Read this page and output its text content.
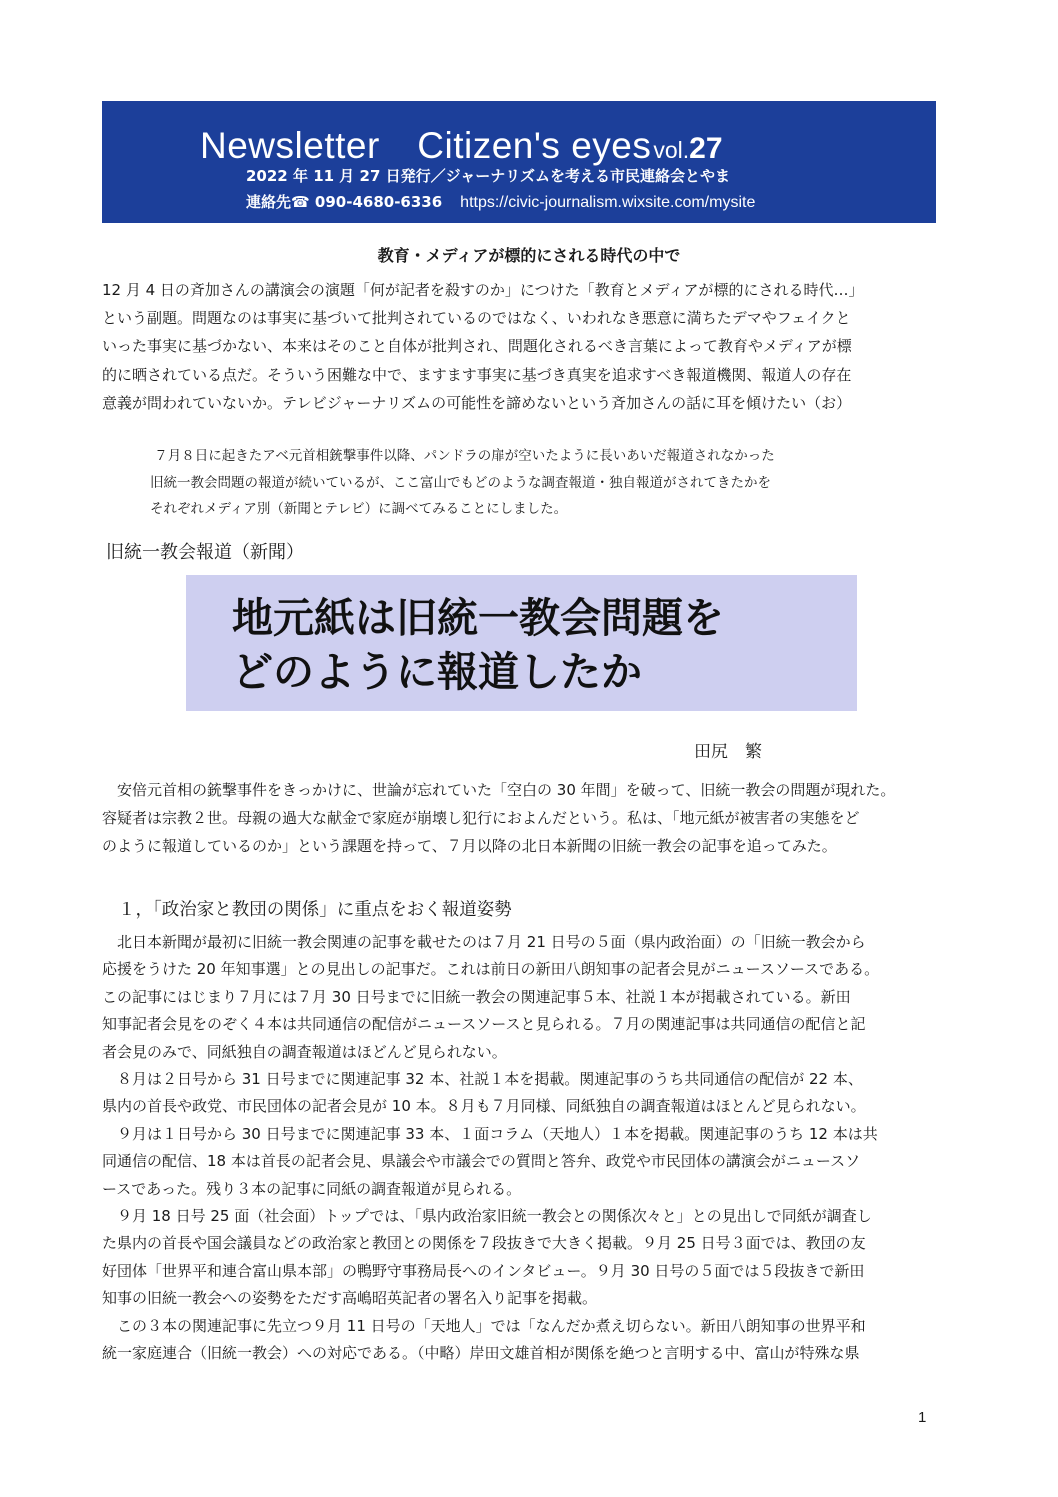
Newsletter　Citizen's eyesvol.27
2022 年 11 月 27 日発行／ジャーナリズムを考える市民連絡会とやま
連絡先☎ 090-4680-6336 https://civic-journalism.wixsite.com/mysite
教育・メディアが標的にされる時代の中で

12 月 4 日の斉加さんの講演会の演題「何が記者を殺すのか」につけた「教育とメディアが標的にされる時代…」
という副題。問題なのは事実に基づいて批判されているのではなく、いわれなき悪意に満ちたデマやフェイクと
いった事実に基づかない、本来はそのこと自体が批判され、問題化されるべき言葉によって教育やメディアが標
的に晒されている点だ。そういう困難な中で、ますます事実に基づき真実を追求すべき報道機関、報道人の存在
意義が問われていないか。テレビジャーナリズムの可能性を諦めないという斉加さんの話に耳を傾けたい（お）

７月８日に起きたアベ元首相銃撃事件以降、パンドラの扉が空いたように長いあいだ報道されなかった
旧統一教会問題の報道が続いているが、ここ富山でもどのような調査報道・独自報道がされてきたかを
それぞれメディア別（新聞とテレビ）に調べてみることにしました。

旧統一教会報道（新聞）

地元紙は旧統一教会問題を
どのように報道したか

田尻　繁

　安倍元首相の銃撃事件をきっかけに、世論が忘れていた「空白の 30 年間」を破って、旧統一教会の問題が現れた。
容疑者は宗教２世。母親の過大な献金で家庭が崩壊し犯行におよんだという。私は、「地元紙が被害者の実態をど
のように報道しているのか」という課題を持って、７月以降の北日本新聞の旧統一教会の記事を追ってみた。

１，「政治家と教団の関係」に重点をおく報道姿勢

　北日本新聞が最初に旧統一教会関連の記事を載せたのは７月 21 日号の５面（県内政治面）の「旧統一教会から
応援をうけた 20 年知事選」との見出しの記事だ。これは前日の新田八朗知事の記者会見がニュースソースである。
この記事にはじまり７月には７月 30 日号までに旧統一教会の関連記事５本、社説１本が掲載されている。新田
知事記者会見をのぞく４本は共同通信の配信がニュースソースと見られる。７月の関連記事は共同通信の配信と記
者会見のみで、同紙独自の調査報道はほどんど見られない。
　８月は２日号から 31 日号までに関連記事 32 本、社説１本を掲載。関連記事のうち共同通信の配信が 22 本、
県内の首長や政党、市民団体の記者会見が 10 本。８月も７月同様、同紙独自の調査報道はほとんど見られない。
　９月は１日号から 30 日号までに関連記事 33 本、１面コラム（天地人）１本を掲載。関連記事のうち 12 本は共
同通信の配信、18 本は首長の記者会見、県議会や市議会での質問と答弁、政党や市民団体の講演会がニュースソ
ースであった。残り３本の記事に同紙の調査報道が見られる。
　９月 18 日号 25 面（社会面）トップでは、「県内政治家旧統一教会との関係次々と」との見出しで同紙が調査し
た県内の首長や国会議員などの政治家と教団との関係を７段抜きで大きく掲載。９月 25 日号３面では、教団の友
好団体「世界平和連合富山県本部」の鴨野守事務局長へのインタビュー。９月 30 日号の５面では５段抜きで新田
知事の旧統一教会への姿勢をただす高嶋昭英記者の署名入り記事を掲載。
　この３本の関連記事に先立つ９月 11 日号の「天地人」では「なんだか煮え切らない。新田八朗知事の世界平和
統一家庭連合（旧統一教会）への対応である。（中略）岸田文雄首相が関係を絶つと言明する中、富山が特殊な県

1
